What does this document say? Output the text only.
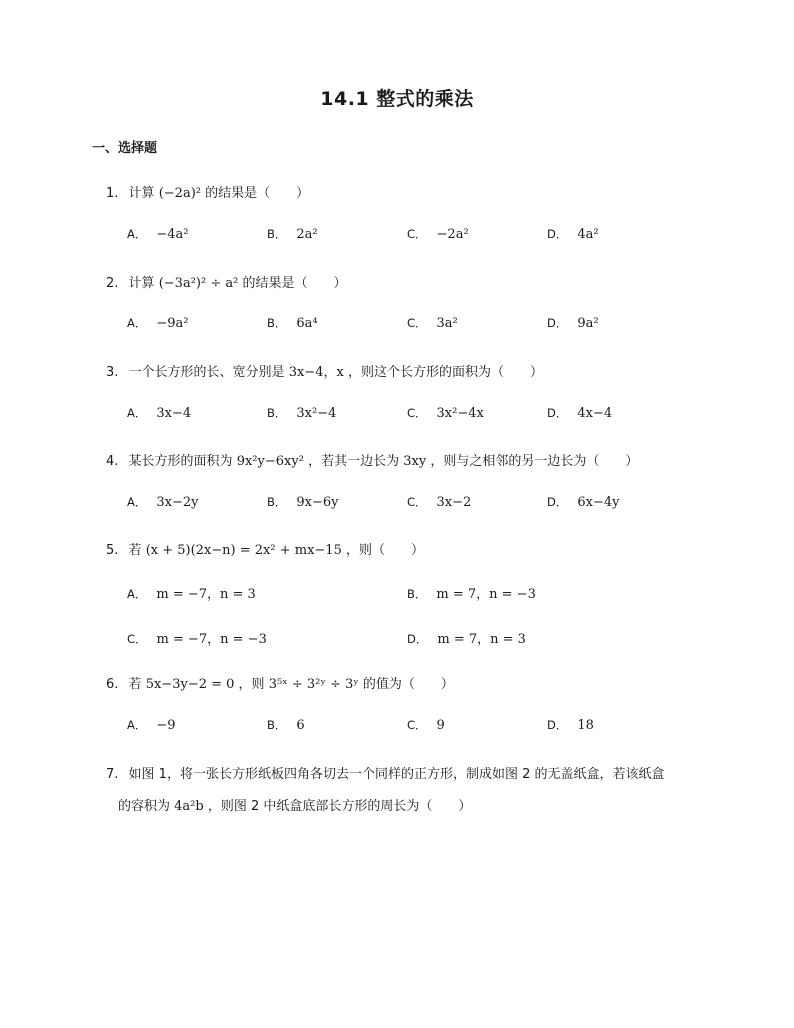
14.1 整式的乘法
一、选择题
1. 计算 (−2a)² 的结果是（　　）
A． −4a²	B． 2a²	C． −2a²	D． 4a²
2. 计算 (−3a²)² ÷ a² 的结果是（　　）
A． −9a²	B． 6a⁴	C． 3a²	D． 9a²
3. 一个长方形的长、宽分别是 3x−4，x ，则这个长方形的面积为（　　）
A． 3x−4	B． 3x²−4	C． 3x²−4x	D． 4x−4
4. 某长方形的面积为 9x²y−6xy² ，若其一边长为 3xy ，则与之相邻的另一边长为（　　）
A． 3x−2y	B． 9x−6y	C． 3x−2	D． 6x−4y
5. 若 (x + 5)(2x−n) = 2x² + mx−15 ，则（　　）
A． m = −7，n = 3	B． m = 7，n = −3
C． m = −7，n = −3	D． m = 7，n = 3
6. 若 5x−3y−2 = 0 ，则 3⁵ˣ ÷ 3²ʸ ÷ 3ʸ 的值为（　　）
A． −9	B． 6	C． 9	D． 18
7. 如图 1，将一张长方形纸板四角各切去一个同样的正方形，制成如图 2 的无盖纸盒，若该纸盒
的容积为 4a²b ，则图 2 中纸盒底部长方形的周长为（　　）
